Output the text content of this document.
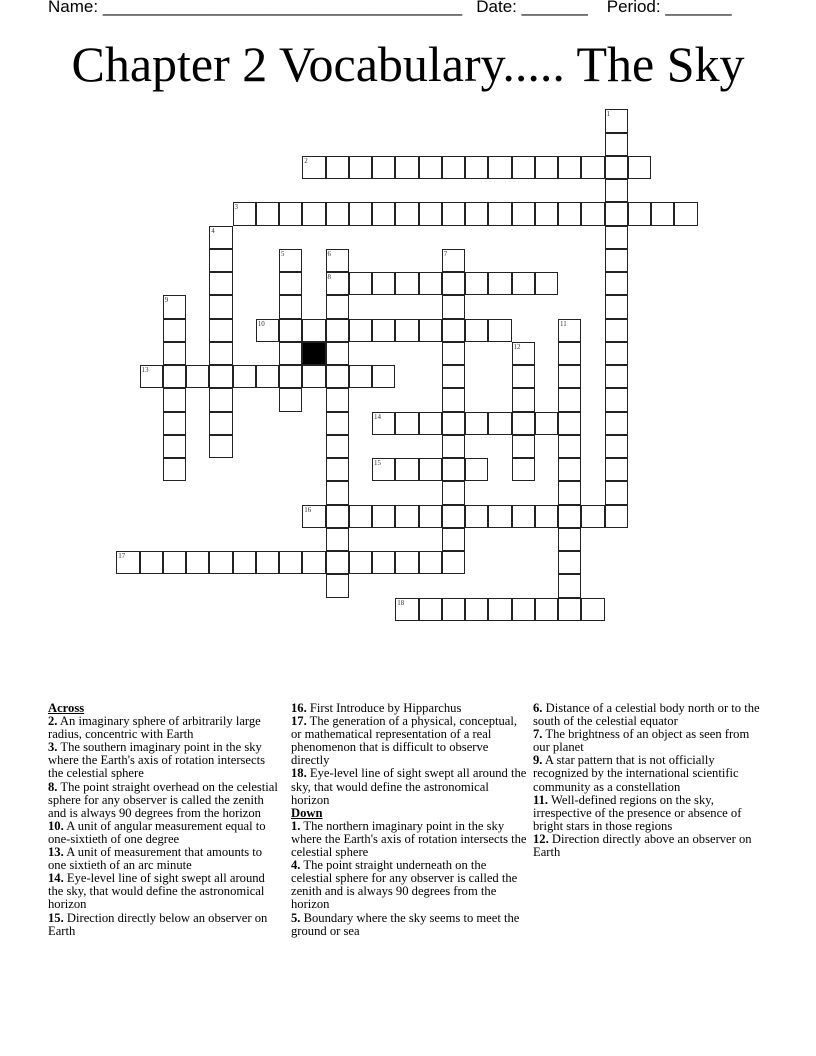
Name: ______________________________________ Date: _______ Period: _______
Chapter 2 Vocabulary..... The Sky
1
2
3
4
5	6
8
7
9
10	11
12
13
14
15
16
17
18
Across
2. An imaginary sphere of arbitrarily large radius, concentric with Earth
3. The southern imaginary point in the sky where the Earth's axis of rotation intersects the celestial sphere
8. The point straight overhead on the celestial sphere for any observer is called the zenith and is always 90 degrees from the horizon
10. A unit of angular measurement equal to one-sixtieth of one degree
13. A unit of measurement that amounts to one sixtieth of an arc minute
14. Eye-level line of sight swept all around the sky, that would define the astronomical horizon
15. Direction directly below an observer on Earth
16. First Introduce by Hipparchus
17. The generation of a physical, conceptual, or mathematical representation of a real phenomenon that is difficult to observe directly
18. Eye-level line of sight swept all around the sky, that would define the astronomical horizon
Down
1. The northern imaginary point in the sky where the Earth's axis of rotation intersects the celestial sphere
4. The point straight underneath on the celestial sphere for any observer is called the zenith and is always 90 degrees from the horizon
5. Boundary where the sky seems to meet the ground or sea
6. Distance of a celestial body north or to the south of the celestial equator
7. The brightness of an object as seen from our planet
9. A star pattern that is not officially recognized by the international scientific community as a constellation
11. Well-defined regions on the sky, irrespective of the presence or absence of bright stars in those regions
12. Direction directly above an observer on Earth
